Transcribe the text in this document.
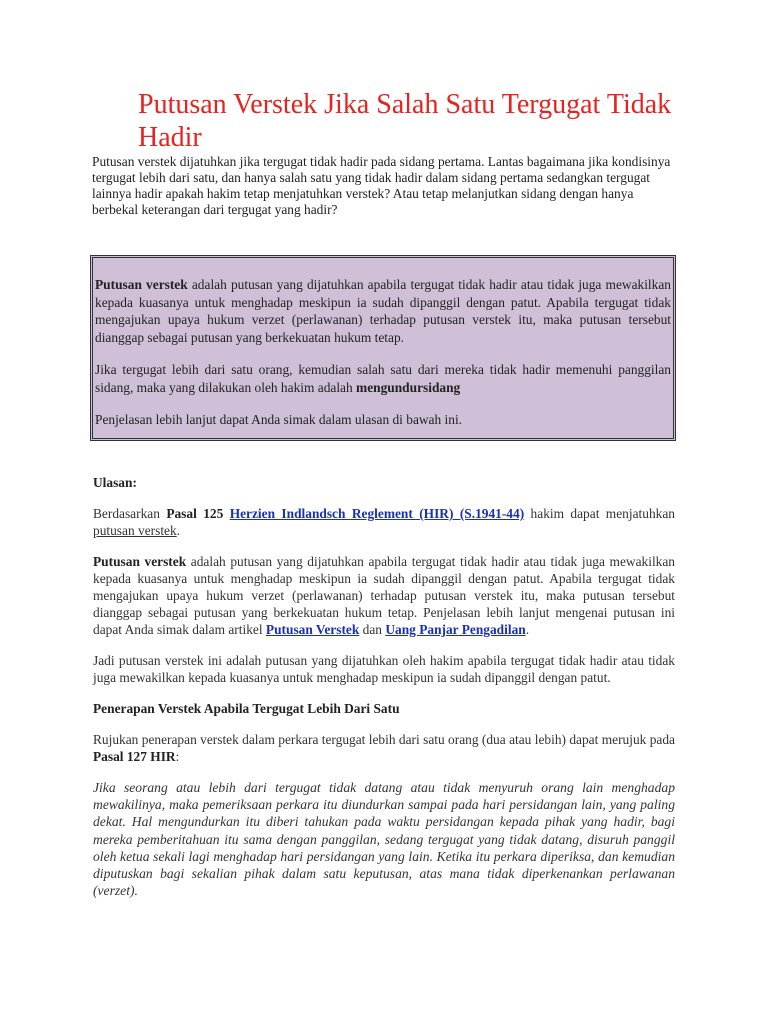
Putusan Verstek Jika Salah Satu Tergugat Tidak Hadir

Putusan verstek dijatuhkan jika tergugat tidak hadir pada sidang pertama. Lantas bagaimana jika kondisinya tergugat lebih dari satu, dan hanya salah satu yang tidak hadir dalam sidang pertama sedangkan tergugat lainnya hadir apakah hakim tetap menjatuhkan verstek? Atau tetap melanjutkan sidang dengan hanya berbekal keterangan dari tergugat yang hadir?

Putusan verstek adalah putusan yang dijatuhkan apabila tergugat tidak hadir atau tidak juga mewakilkan kepada kuasanya untuk menghadap meskipun ia sudah dipanggil dengan patut. Apabila tergugat tidak mengajukan upaya hukum verzet (perlawanan) terhadap putusan verstek itu, maka putusan tersebut dianggap sebagai putusan yang berkekuatan hukum tetap.

Jika tergugat lebih dari satu orang, kemudian salah satu dari mereka tidak hadir memenuhi panggilan sidang, maka yang dilakukan oleh hakim adalah mengundursidang

Penjelasan lebih lanjut dapat Anda simak dalam ulasan di bawah ini.

Ulasan:

Berdasarkan Pasal 125 Herzien Indlandsch Reglement (HIR) (S.1941-44) hakim dapat menjatuhkan putusan verstek.

Putusan verstek adalah putusan yang dijatuhkan apabila tergugat tidak hadir atau tidak juga mewakilkan kepada kuasanya untuk menghadap meskipun ia sudah dipanggil dengan patut. Apabila tergugat tidak mengajukan upaya hukum verzet (perlawanan) terhadap putusan verstek itu, maka putusan tersebut dianggap sebagai putusan yang berkekuatan hukum tetap. Penjelasan lebih lanjut mengenai putusan ini dapat Anda simak dalam artikel Putusan Verstek dan Uang Panjar Pengadilan.

Jadi putusan verstek ini adalah putusan yang dijatuhkan oleh hakim apabila tergugat tidak hadir atau tidak juga mewakilkan kepada kuasanya untuk menghadap meskipun ia sudah dipanggil dengan patut.

Penerapan Verstek Apabila Tergugat Lebih Dari Satu

Rujukan penerapan verstek dalam perkara tergugat lebih dari satu orang (dua atau lebih) dapat merujuk pada Pasal 127 HIR:

Jika seorang atau lebih dari tergugat tidak datang atau tidak menyuruh orang lain menghadap mewakilinya, maka pemeriksaan perkara itu diundurkan sampai pada hari persidangan lain, yang paling dekat. Hal mengundurkan itu diberi tahukan pada waktu persidangan kepada pihak yang hadir, bagi mereka pemberitahuan itu sama dengan panggilan, sedang tergugat yang tidak datang, disuruh panggil oleh ketua sekali lagi menghadap hari persidangan yang lain. Ketika itu perkara diperiksa, dan kemudian diputuskan bagi sekalian pihak dalam satu keputusan, atas mana tidak diperkenankan perlawanan (verzet).
